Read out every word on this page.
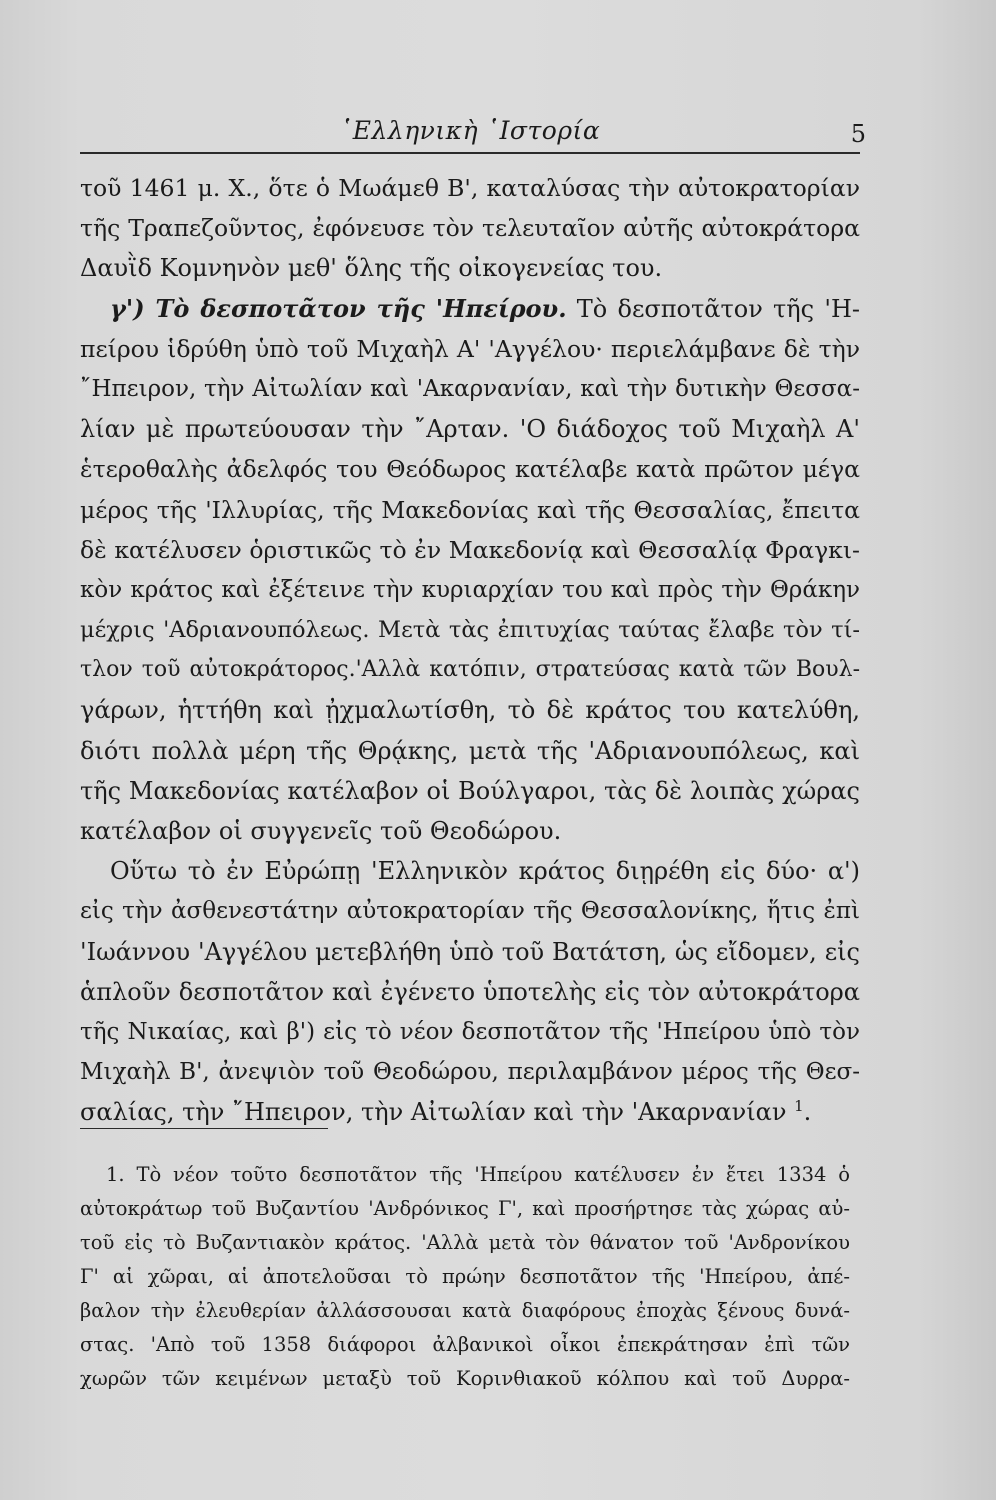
῾Ελληνικὴ ῾Ιστορία	5
τοῦ 1461 μ. Χ., ὅτε ὁ Μωάμεθ Β', καταλύσας τὴν αὐτοκρατορίαν
τῆς Τραπεζοῦντος, ἐφόνευσε τὸν τελευταῖον αὐτῆς αὐτοκράτορα
Δαυῒδ Κομνηνὸν μεθ' ὅλης τῆς οἰκογενείας του.
γ') Τὸ δεσποτᾶτον τῆς 'Ηπείρου. Τὸ δεσποτᾶτον τῆς 'Η-
πείρου ἱδρύθη ὑπὸ τοῦ Μιχαὴλ Α' 'Αγγέλου· περιελάμβανε δὲ τὴν
῎Ηπειρον, τὴν Αἰτωλίαν καὶ 'Ακαρνανίαν, καὶ τὴν δυτικὴν Θεσσα-
λίαν μὲ πρωτεύουσαν τὴν ῎Αρταν. 'Ο διάδοχος τοῦ Μιχαὴλ Α'
ἑτεροθαλὴς ἀδελφός του Θεόδωρος κατέλαβε κατὰ πρῶτον μέγα
μέρος τῆς 'Ιλλυρίας, τῆς Μακεδονίας καὶ τῆς Θεσσαλίας, ἔπειτα
δὲ κατέλυσεν ὁριστικῶς τὸ ἐν Μακεδονίᾳ καὶ Θεσσαλίᾳ Φραγκι-
κὸν κράτος καὶ ἐξέτεινε τὴν κυριαρχίαν του καὶ πρὸς τὴν Θράκην
μέχρις 'Αδριανουπόλεως. Μετὰ τὰς ἐπιτυχίας ταύτας ἔλαβε τὸν τί-
τλον τοῦ αὐτοκράτορος.'Αλλὰ κατόπιν, στρατεύσας κατὰ τῶν Βουλ-
γάρων, ἡττήθη καὶ ᾐχμαλωτίσθη, τὸ δὲ κράτος του κατελύθη,
διότι πολλὰ μέρη τῆς Θρᾴκης, μετὰ τῆς 'Αδριανουπόλεως, καὶ
τῆς Μακεδονίας κατέλαβον οἱ Βούλγαροι, τὰς δὲ λοιπὰς χώρας
κατέλαβον οἱ συγγενεῖς τοῦ Θεοδώρου.
Οὕτω τὸ ἐν Εὐρώπῃ 'Ελληνικὸν κράτος διῃρέθη εἰς δύο· α')
εἰς τὴν ἀσθενεστάτην αὐτοκρατορίαν τῆς Θεσσαλονίκης, ἥτις ἐπὶ
'Ιωάννου 'Αγγέλου μετεβλήθη ὑπὸ τοῦ Βατάτση, ὡς εἴδομεν, εἰς
ἁπλοῦν δεσποτᾶτον καὶ ἐγένετο ὑποτελὴς εἰς τὸν αὐτοκράτορα
τῆς Νικαίας, καὶ β') εἰς τὸ νέον δεσποτᾶτον τῆς 'Ηπείρου ὑπὸ τὸν
Μιχαὴλ Β', ἀνεψιὸν τοῦ Θεοδώρου, περιλαμβάνον μέρος τῆς Θεσ-
σαλίας, τὴν ῎Ηπειρον, τὴν Αἰτωλίαν καὶ τὴν 'Ακαρνανίαν $^1$.
1. Τὸ νέον τοῦτο δεσποτᾶτον τῆς 'Ηπείρου κατέλυσεν ἐν ἔτει 1334 ὁ
αὐτοκράτωρ τοῦ Βυζαντίου 'Ανδρόνικος Γ', καὶ προσήρτησε τὰς χώρας αὐ-
τοῦ εἰς τὸ Βυζαντιακὸν κράτος. 'Αλλὰ μετὰ τὸν θάνατον τοῦ 'Ανδρονίκου
Γ' αἱ χῶραι, αἱ ἀποτελοῦσαι τὸ πρώην δεσποτᾶτον τῆς 'Ηπείρου, ἀπέ-
βαλον τὴν ἐλευθερίαν ἀλλάσσουσαι κατὰ διαφόρους ἐποχὰς ξένους δυνά-
στας. 'Απὸ τοῦ 1358 διάφοροι ἀλβανικοὶ οἶκοι ἐπεκράτησαν ἐπὶ τῶν
χωρῶν τῶν κειμένων μεταξὺ τοῦ Κορινθιακοῦ κόλπου καὶ τοῦ Δυρρα-
